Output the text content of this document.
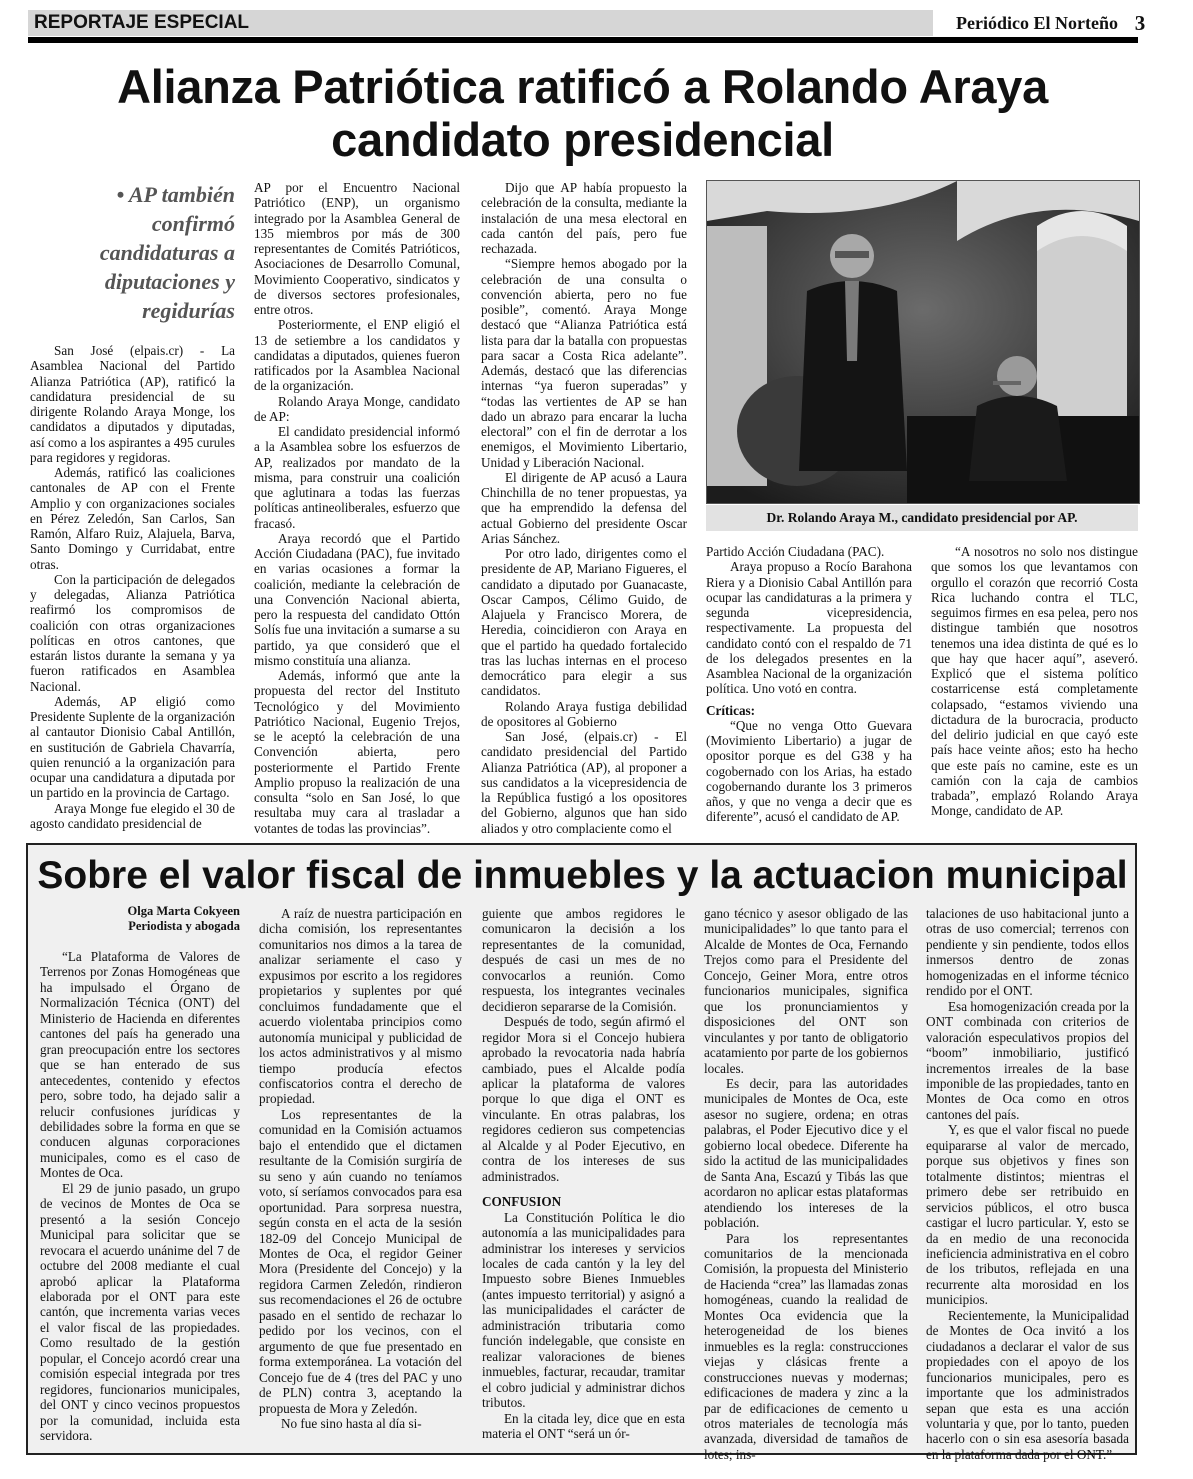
REPORTAJE ESPECIAL	Periódico El Norteño 3
Alianza Patriótica ratificó a Rolando Araya
candidato presidencial
• AP también confirmó candidaturas a diputaciones y regidurías

San José (elpais.cr) - La Asamblea Nacional del Partido Alianza Patriótica (AP), ratificó la candidatura presidencial de su dirigente Rolando Araya Monge, los candidatos a diputados y diputadas, así como a los aspirantes a 495 curules para regidores y regidoras.

Además, ratificó las coaliciones cantonales de AP con el Frente Amplio y con organizaciones sociales en Pérez Zeledón, San Carlos, San Ramón, Alfaro Ruiz, Alajuela, Barva, Santo Domingo y Curridabat, entre otras.

Con la participación de delegados y delegadas, Alianza Patriótica reafirmó los compromisos de coalición con otras organizaciones políticas en otros cantones, que estarán listos durante la semana y ya fueron ratificados en Asamblea Nacional.

Además, AP eligió como Presidente Suplente de la organización al cantautor Dionisio Cabal Antillón, en sustitución de Gabriela Chavarría, quien renunció a la organización para ocupar una candidatura a diputada por un partido en la provincia de Cartago.

Araya Monge fue elegido el 30 de agosto candidato presidencial de

AP por el Encuentro Nacional Patriótico (ENP), un organismo integrado por la Asamblea General de 135 miembros por más de 300 representantes de Comités Patrióticos, Asociaciones de Desarrollo Comunal, Movimiento Cooperativo, sindicatos y de diversos sectores profesionales, entre otros.

Posteriormente, el ENP eligió el 13 de setiembre a los candidatos y candidatas a diputados, quienes fueron ratificados por la Asamblea Nacional de la organización.

Rolando Araya Monge, candidato de AP:

El candidato presidencial informó a la Asamblea sobre los esfuerzos de AP, realizados por mandato de la misma, para construir una coalición que aglutinara a todas las fuerzas políticas antineoliberales, esfuerzo que fracasó.

Araya recordó que el Partido Acción Ciudadana (PAC), fue invitado en varias ocasiones a formar la coalición, mediante la celebración de una Convención Nacional abierta, pero la respuesta del candidato Ottón Solís fue una invitación a sumarse a su partido, ya que consideró que el mismo constituía una alianza.

Además, informó que ante la propuesta del rector del Instituto Tecnológico y del Movimiento Patriótico Nacional, Eugenio Trejos, se le aceptó la celebración de una Convención abierta, pero posteriormente el Partido Frente Amplio propuso la realización de una consulta “solo en San José, lo que resultaba muy cara al trasladar a votantes de todas las provincias”.

Dijo que AP había propuesto la celebración de la consulta, mediante la instalación de una mesa electoral en cada cantón del país, pero fue rechazada.

“Siempre hemos abogado por la celebración de una consulta o convención abierta, pero no fue posible”, comentó. Araya Monge destacó que “Alianza Patriótica está lista para dar la batalla con propuestas para sacar a Costa Rica adelante”. Además, destacó que las diferencias internas “ya fueron superadas” y “todas las vertientes de AP se han dado un abrazo para encarar la lucha electoral” con el fin de derrotar a los enemigos, el Movimiento Libertario, Unidad y Liberación Nacional.

El dirigente de AP acusó a Laura Chinchilla de no tener propuestas, ya que ha emprendido la defensa del actual Gobierno del presidente Oscar Arias Sánchez.

Por otro lado, dirigentes como el presidente de AP, Mariano Figueres, el candidato a diputado por Guanacaste, Oscar Campos, Célimo Guido, de Alajuela y Francisco Morera, de Heredia, coincidieron con Araya en que el partido ha quedado fortalecido tras las luchas internas en el proceso democrático para elegir a sus candidatos.

Rolando Araya fustiga debilidad de opositores al Gobierno

San José, (elpais.cr) - El candidato presidencial del Partido Alianza Patriótica (AP), al proponer a sus candidatos a la vicepresidencia de la República fustigó a los opositores del Gobierno, algunos que han sido aliados y otro complaciente como el

Dr. Rolando Araya M., candidato presidencial por AP.

Partido Acción Ciudadana (PAC).

Araya propuso a Rocío Barahona Riera y a Dionisio Cabal Antillón para ocupar las candidaturas a la primera y segunda vicepresidencia, respectivamente. La propuesta del candidato contó con el respaldo de 71 de los delegados presentes en la Asamblea Nacional de la organización política. Uno votó en contra.

Críticas:

“Que no venga Otto Guevara (Movimiento Libertario) a jugar de opositor porque es del G38 y ha cogobernado con los Arias, ha estado cogobernando durante los 3 primeros años, y que no venga a decir que es diferente”, acusó el candidato de AP.

“A nosotros no solo nos distingue que somos los que levantamos con orgullo el corazón que recorrió Costa Rica luchando contra el TLC, seguimos firmes en esa pelea, pero nos distingue también que nosotros tenemos una idea distinta de qué es lo que hay que hacer aquí”, aseveró. Explicó que el sistema político costarricense está completamente colapsado, “estamos viviendo una dictadura de la burocracia, producto del delirio judicial en que cayó este país hace veinte años; esto ha hecho que este país no camine, este es un camión con la caja de cambios trabada”, emplazó Rolando Araya Monge, candidato de AP.

Sobre el valor fiscal de inmuebles y la actuacion municipal
Olga Marta Cokyeen
Periodista y abogada

“La Plataforma de Valores de Terrenos por Zonas Homogéneas que ha impulsado el Órgano de Normalización Técnica (ONT) del Ministerio de Hacienda en diferentes cantones del país ha generado una gran preocupación entre los sectores que se han enterado de sus antecedentes, contenido y efectos pero, sobre todo, ha dejado salir a relucir confusiones jurídicas y debilidades sobre la forma en que se conducen algunas corporaciones municipales, como es el caso de Montes de Oca.

El 29 de junio pasado, un grupo de vecinos de Montes de Oca se presentó a la sesión Concejo Municipal para solicitar que se revocara el acuerdo unánime del 7 de octubre del 2008 mediante el cual aprobó aplicar la Plataforma elaborada por el ONT para este cantón, que incrementa varias veces el valor fiscal de las propiedades. Como resultado de la gestión popular, el Concejo acordó crear una comisión especial integrada por tres regidores, funcionarios municipales, del ONT y cinco vecinos propuestos por la comunidad, incluida esta servidora.

A raíz de nuestra participación en dicha comisión, los representantes comunitarios nos dimos a la tarea de analizar seriamente el caso y expusimos por escrito a los regidores propietarios y suplentes por qué concluimos fundadamente que el acuerdo violentaba principios como autonomía municipal y publicidad de los actos administrativos y al mismo tiempo producía efectos confiscatorios contra el derecho de propiedad.

Los representantes de la comunidad en la Comisión actuamos bajo el entendido que el dictamen resultante de la Comisión surgiría de su seno y aún cuando no teníamos voto, sí seríamos convocados para esa oportunidad. Para sorpresa nuestra, según consta en el acta de la sesión 182-09 del Concejo Municipal de Montes de Oca, el regidor Geiner Mora (Presidente del Concejo) y la regidora Carmen Zeledón, rindieron sus recomendaciones el 26 de octubre pasado en el sentido de rechazar lo pedido por los vecinos, con el argumento de que fue presentado en forma extemporánea. La votación del Concejo fue de 4 (tres del PAC y uno de PLN) contra 3, aceptando la propuesta de Mora y Zeledón.

No fue sino hasta al día si-

guiente que ambos regidores le comunicaron la decisión a los representantes de la comunidad, después de casi un mes de no convocarlos a reunión. Como respuesta, los integrantes vecinales decidieron separarse de la Comisión.

Después de todo, según afirmó el regidor Mora si el Concejo hubiera aprobado la revocatoria nada habría cambiado, pues el Alcalde podía aplicar la plataforma de valores porque lo que diga el ONT es vinculante. En otras palabras, los regidores cedieron sus competencias al Alcalde y al Poder Ejecutivo, en contra de los intereses de sus administrados.

CONFUSION

La Constitución Política le dio autonomía a las municipalidades para administrar los intereses y servicios locales de cada cantón y la ley del Impuesto sobre Bienes Inmuebles (antes impuesto territorial) y asignó a las municipalidades el carácter de administración tributaria como función indelegable, que consiste en realizar valoraciones de bienes inmuebles, facturar, recaudar, tramitar el cobro judicial y administrar dichos tributos.

En la citada ley, dice que en esta materia el ONT “será un ór-

gano técnico y asesor obligado de las municipalidades” lo que tanto para el Alcalde de Montes de Oca, Fernando Trejos como para el Presidente del Concejo, Geiner Mora, entre otros funcionarios municipales, significa que los pronunciamientos y disposiciones del ONT son vinculantes y por tanto de obligatorio acatamiento por parte de los gobiernos locales.

Es decir, para las autoridades municipales de Montes de Oca, este asesor no sugiere, ordena; en otras palabras, el Poder Ejecutivo dice y el gobierno local obedece. Diferente ha sido la actitud de las municipalidades de Santa Ana, Escazú y Tibás las que acordaron no aplicar estas plataformas atendiendo los intereses de la población.

Para los representantes comunitarios de la mencionada Comisión, la propuesta del Ministerio de Hacienda “crea” las llamadas zonas homogéneas, cuando la realidad de Montes Oca evidencia que la heterogeneidad de los bienes inmuebles es la regla: construcciones viejas y clásicas frente a construcciones nuevas y modernas; edificaciones de madera y zinc a la par de edificaciones de cemento u otros materiales de tecnología más avanzada, diversidad de tamaños de lotes; ins-

talaciones de uso habitacional junto a otras de uso comercial; terrenos con pendiente y sin pendiente, todos ellos inmersos dentro de zonas homogenizadas en el informe técnico rendido por el ONT.

Esa homogenización creada por la ONT combinada con criterios de valoración especulativos propios del “boom” inmobiliario, justificó incrementos irreales de la base imponible de las propiedades, tanto en Montes de Oca como en otros cantones del país.

Y, es que el valor fiscal no puede equipararse al valor de mercado, porque sus objetivos y fines son totalmente distintos; mientras el primero debe ser retribuido en servicios públicos, el otro busca castigar el lucro particular. Y, esto se da en medio de una reconocida ineficiencia administrativa en el cobro de los tributos, reflejada en una recurrente alta morosidad en los municipios.

Recientemente, la Municipalidad de Montes de Oca invitó a los ciudadanos a declarar el valor de sus propiedades con el apoyo de los funcionarios municipales, pero es importante que los administrados sepan que esta es una acción voluntaria y que, por lo tanto, pueden hacerlo con o sin esa asesoría basada en la plataforma dada por el ONT.”
